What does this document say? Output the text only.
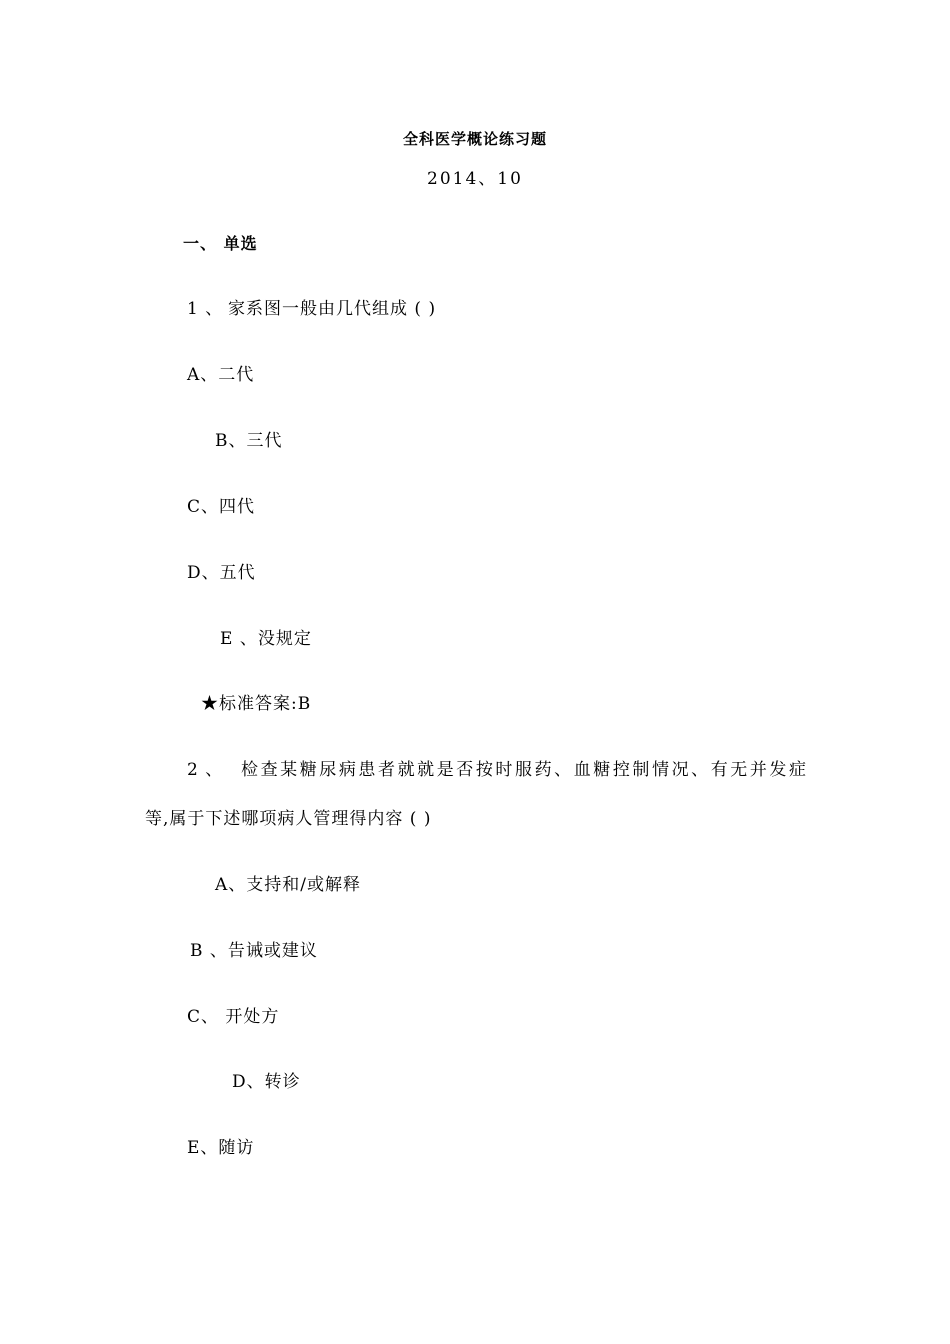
全科医学概论练习题
2014、10
一、 单选
1 、 家系图一般由几代组成 ( )
A、二代
B、三代
C、四代
D、五代
E 、没规定
★标准答案:B
2 、 检查某糖尿病患者就就是否按时服药、血糖控制情况、有无并发症
等,属于下述哪项病人管理得内容 ( )
A、支持和/或解释
B 、告诫或建议
C、 开处方
D、转诊
E、随访
